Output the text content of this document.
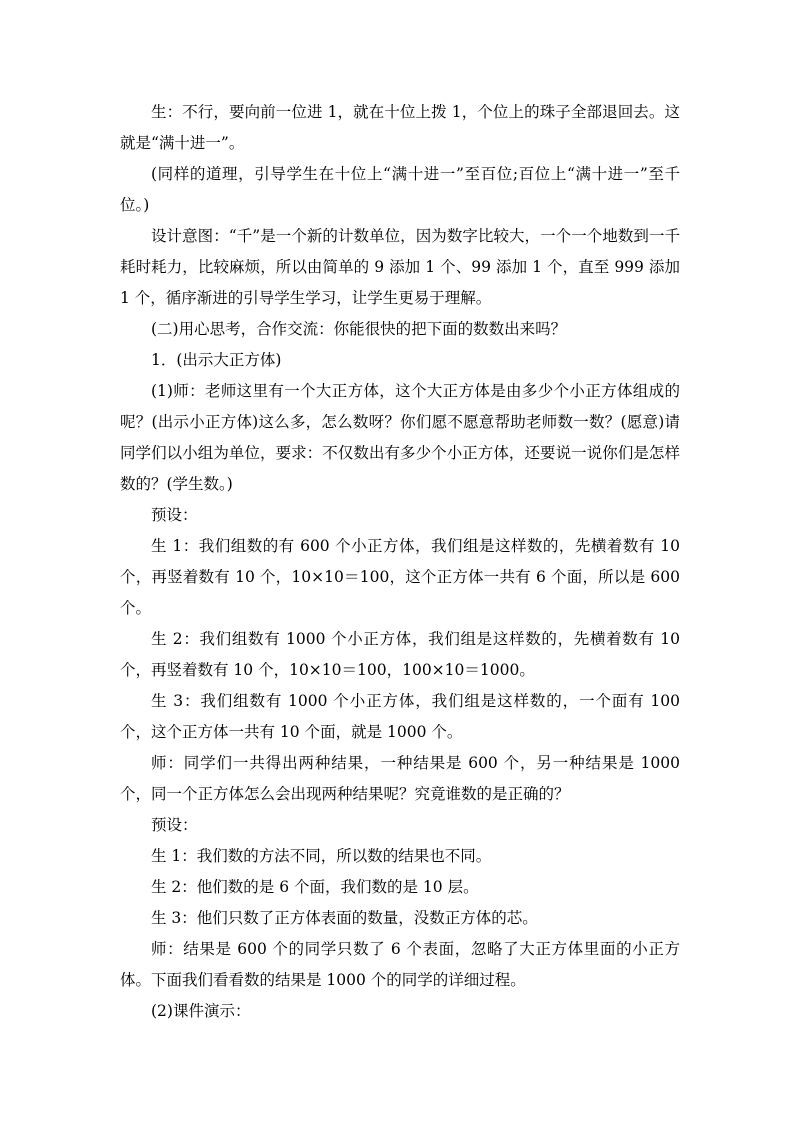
生：不行，要向前一位进 1，就在十位上拨 1，个位上的珠子全部退回去。这就是“满十进一”。

(同样的道理，引导学生在十位上“满十进一”至百位;百位上“满十进一”至千位。)

设计意图：“千”是一个新的计数单位，因为数字比较大，一个一个地数到一千耗时耗力，比较麻烦，所以由简单的 9 添加 1 个、99 添加 1 个，直至 999 添加 1 个，循序渐进的引导学生学习，让学生更易于理解。

(二)用心思考，合作交流：你能很快的把下面的数数出来吗？

1．(出示大正方体)

(1)师：老师这里有一个大正方体，这个大正方体是由多少个小正方体组成的呢？(出示小正方体)这么多，怎么数呀？你们愿不愿意帮助老师数一数？(愿意)请同学们以小组为单位，要求：不仅数出有多少个小正方体，还要说一说你们是怎样数的？(学生数。)

预设：

生 1：我们组数的有 600 个小正方体，我们组是这样数的，先横着数有 10 个，再竖着数有 10 个，10×10＝100，这个正方体一共有 6 个面，所以是 600 个。

生 2：我们组数有 1000 个小正方体，我们组是这样数的，先横着数有 10 个，再竖着数有 10 个，10×10＝100，100×10＝1000。

生 3：我们组数有 1000 个小正方体，我们组是这样数的，一个面有 100 个，这个正方体一共有 10 个面，就是 1000 个。

师：同学们一共得出两种结果，一种结果是 600 个，另一种结果是 1000 个，同一个正方体怎么会出现两种结果呢？究竟谁数的是正确的？

预设：

生 1：我们数的方法不同，所以数的结果也不同。

生 2：他们数的是 6 个面，我们数的是 10 层。

生 3：他们只数了正方体表面的数量，没数正方体的芯。

师：结果是 600 个的同学只数了 6 个表面，忽略了大正方体里面的小正方体。下面我们看看数的结果是 1000 个的同学的详细过程。

(2)课件演示：
